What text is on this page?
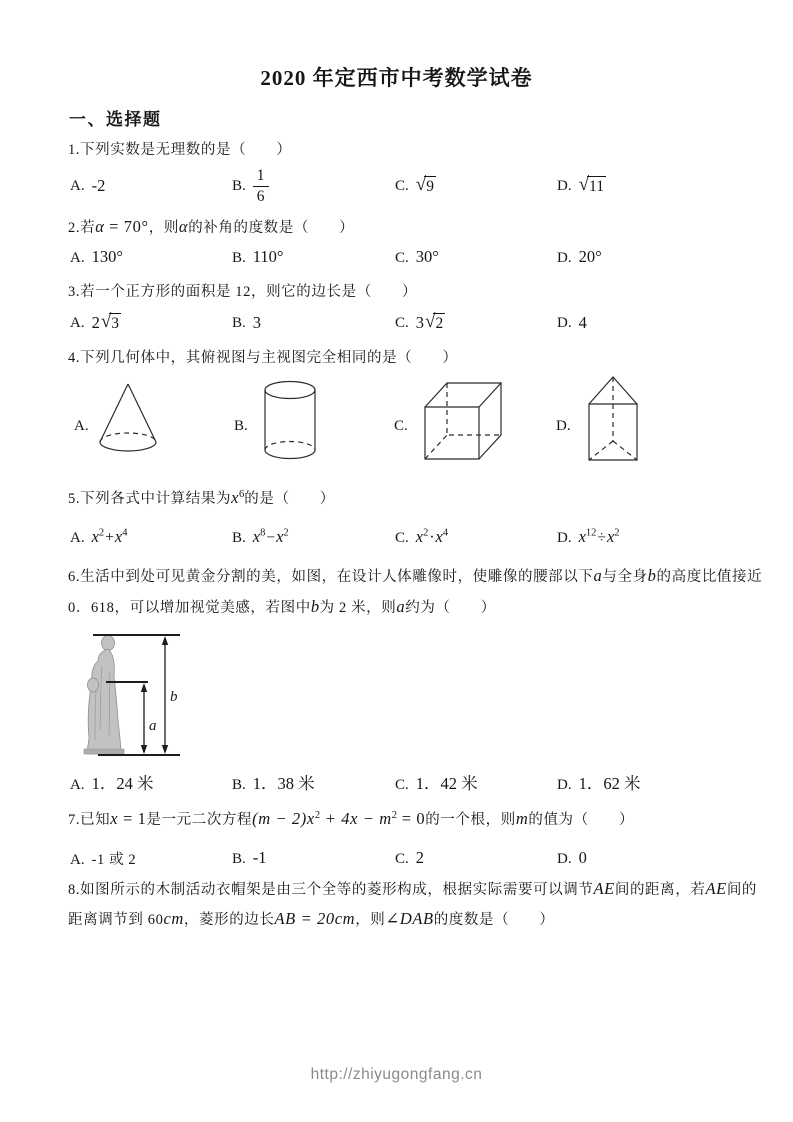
2020 年定西市中考数学试卷
一、选择题
1.下列实数是无理数的是（　　）
A. -2	B. $\frac{1}{6}$	C. √ 9	D. √ 11
2.若α = 70°，则α的补角的度数是（　　）
A. 130°	B. 110°	C. 30°	D. 20°
3.若一个正方形的面积是 12，则它的边长是（　　）
A. 2 √ 3	B. 3	C. 3 √ 2	D. 4
4.下列几何体中，其俯视图与主视图完全相同的是（　　）
A.	B.	C.	D.
5.下列各式中计算结果为$x^6$的是（　　）
A. $x^2+x^4$	B. $x^8-x^2$	C. $x^2\cdot x^4$	D. $x^{12}\div x^2$
6.生活中到处可见黄金分割的美，如图，在设计人体雕像时，使雕像的腰部以下a与全身b的高度比值接近
0．618，可以增加视觉美感，若图中b为 2 米，则a约为（　　）
b
a
A. 1．24 米	B. 1．38 米	C. 1．42 米	D. 1．62 米
7.已知x = 1是一元二次方程$(m - 2)x^2 + 4x - m^2 = 0$的一个根，则m的值为（　　）
A. -1 或 2	B. -1	C. 2	D. 0
8.如图所示的木制活动衣帽架是由三个全等的菱形构成，根据实际需要可以调节AE间的距离，若AE间的
距离调节到 60cm，菱形的边长AB = 20cm，则∠DAB的度数是（　　）
http://zhiyugongfang.cn
